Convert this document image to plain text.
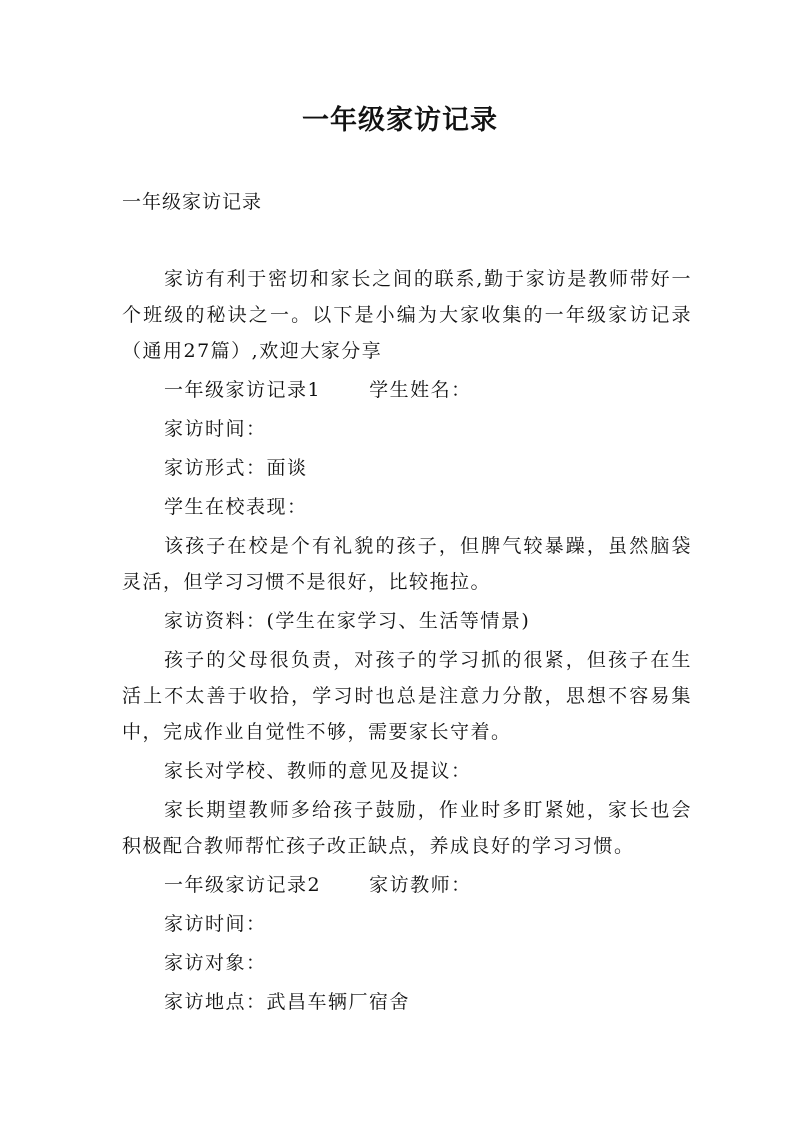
一年级家访记录
一年级家访记录

家访有利于密切和家长之间的联系,勤于家访是教师带好一个班级的秘诀之一。以下是小编为大家收集的一年级家访记录（通用27篇）,欢迎大家分享

一年级家访记录1	学生姓名：

家访时间：

家访形式：面谈

学生在校表现：

该孩子在校是个有礼貌的孩子，但脾气较暴躁，虽然脑袋灵活，但学习习惯不是很好，比较拖拉。

家访资料：(学生在家学习、生活等情景)

孩子的父母很负责，对孩子的学习抓的很紧，但孩子在生活上不太善于收拾，学习时也总是注意力分散，思想不容易集中，完成作业自觉性不够，需要家长守着。

家长对学校、教师的意见及提议：

家长期望教师多给孩子鼓励，作业时多盯紧她，家长也会积极配合教师帮忙孩子改正缺点，养成良好的学习习惯。

一年级家访记录2	家访教师：

家访时间：

家访对象：

家访地点：武昌车辆厂宿舍
